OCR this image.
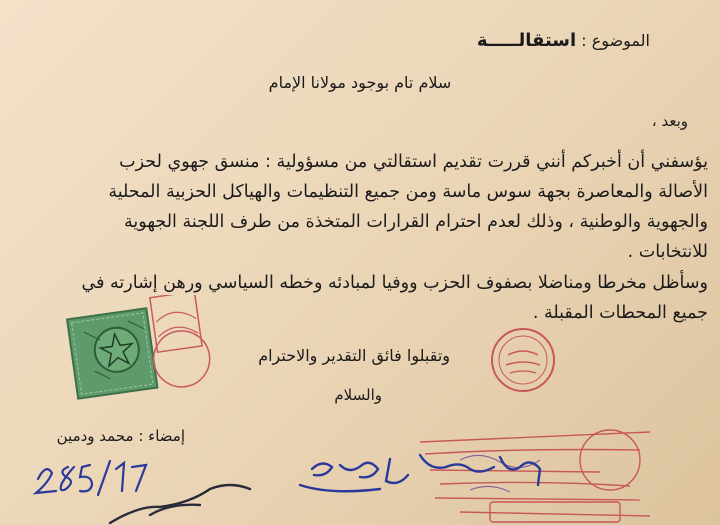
الموضوع : استقالـــــة
سلام تام بوجود مولانا الإمام
وبعد ،

يؤسفني أن أخبركم أنني قررت تقديم استقالتي من مسؤولية : منسق جهوي لحزب

الأصالة والمعاصرة بجهة سوس ماسة ومن جميع التنظيمات والهياكل الحزبية المحلية

والجهوية والوطنية ، وذلك لعدم احترام القرارات المتخذة من طرف اللجنة الجهوية

للانتخابات .

وسأظل مخرطا ومناضلا بصفوف الحزب ووفيا لمبادئه وخطه السياسي ورهن إشارته في

جميع المحطات المقبلة .

وتقبلوا فائق التقدير والاحترام
والسلام
إمضاء : محمد ودمين
